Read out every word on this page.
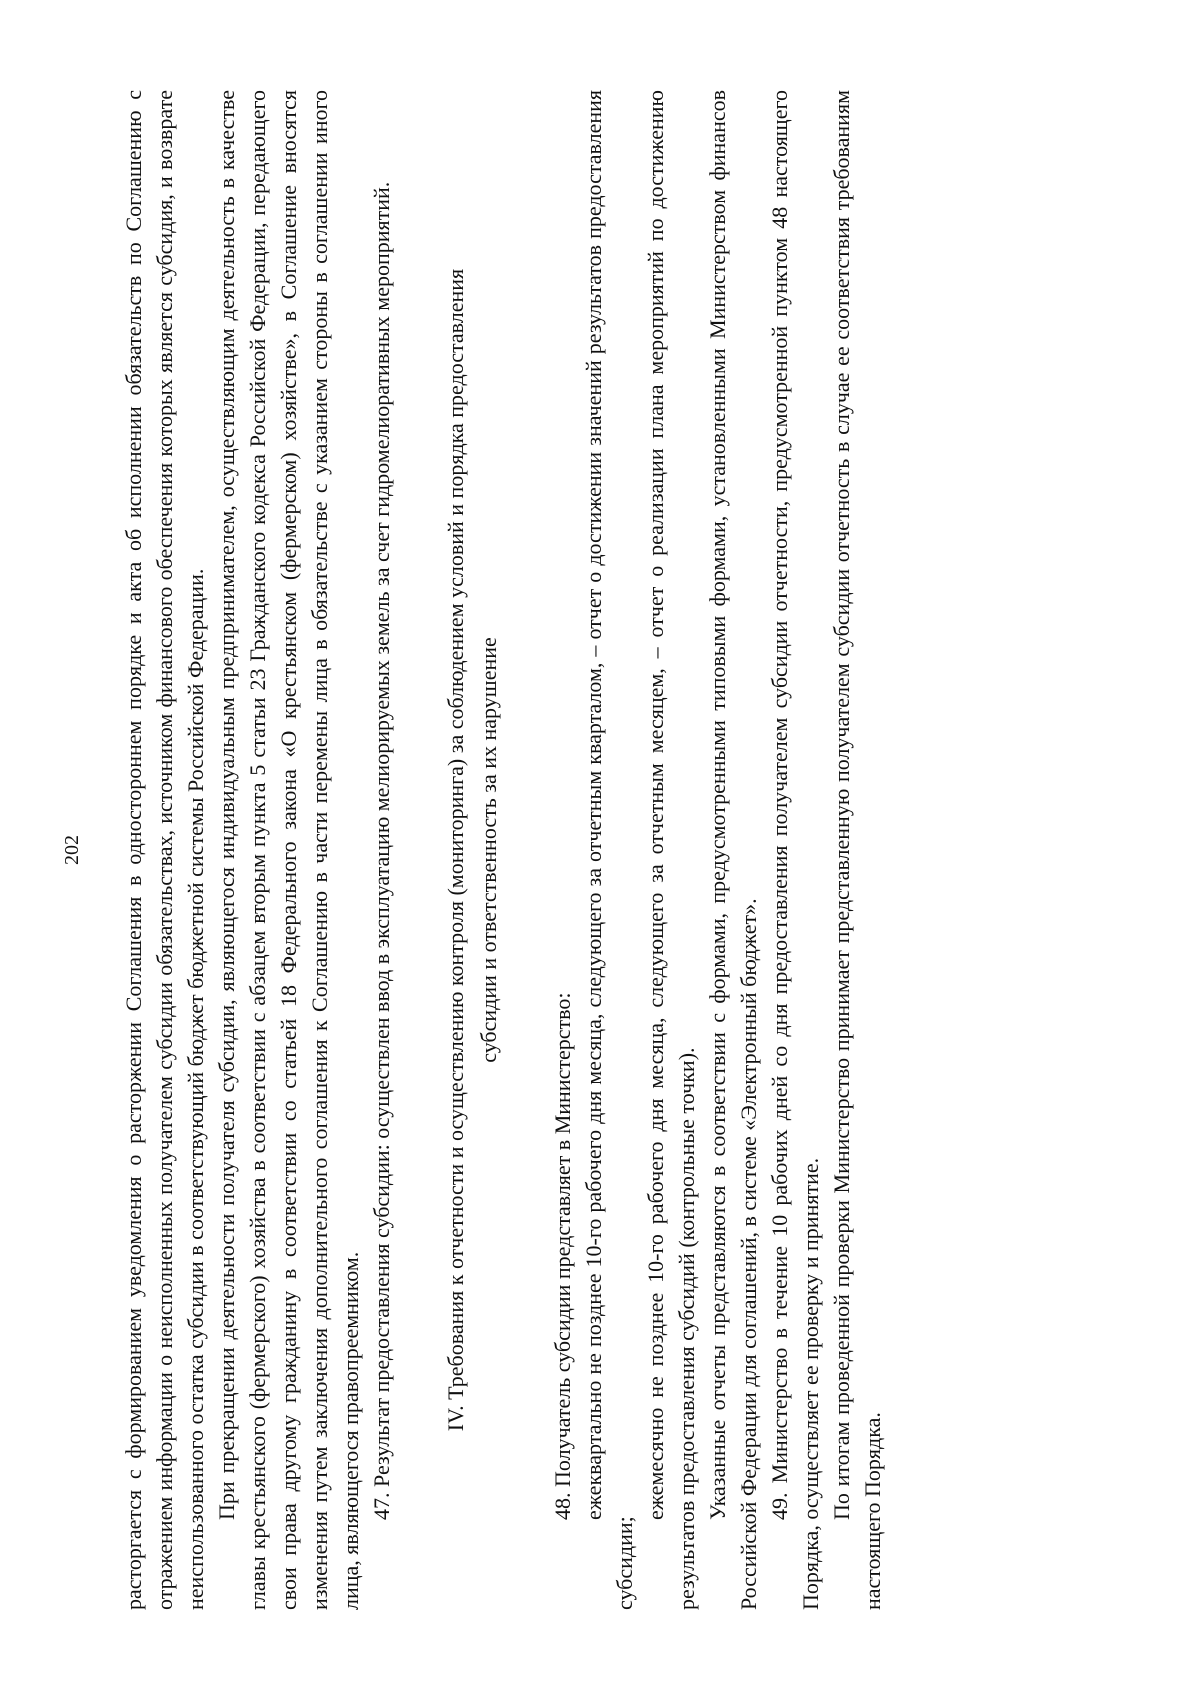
202 расторгается с формированием уведомления о расторжении Соглашения в одностороннем порядке и акта об исполнении обязательств по Соглашению с отражением информации о неисполненных получателем субсидии обязательствах, источником финансового обеспечения которых является субсидия, и возврате неиспользованного остатка субсидии в соответствующий бюджет бюджетной системы Российской Федерации. При прекращении деятельности получателя субсидии, являющегося индивидуальным предпринимателем, осуществляющим деятельность в качестве главы крестьянского (фермерского) хозяйства в соответствии с абзацем вторым пункта 5 статьи 23 Гражданского кодекса Российской Федерации, передающего свои права другому гражданину в соответствии со статьей 18 Федерального закона «О крестьянском (фермерском) хозяйстве», в Соглашение вносятся изменения путем заключения дополнительного соглашения к Соглашению в части перемены лица в обязательстве с указанием стороны в соглашении иного лица, являющегося правопреемником. 47. Результат предоставления субсидии: осуществлен ввод в эксплуатацию мелиорируемых земель за счет гидромелиоративных мероприятий. IV. Требования к отчетности и осуществлению контроля (мониторинга) за соблюдением условий и порядка предоставления субсидии и ответственность за их нарушение

48. Получатель субсидии представляет в Министерство: ежеквартально не позднее 10-го рабочего дня месяца, следующего за отчетным кварталом, – отчет о достижении значений результатов предоставления субсидии;

ежемесячно не позднее 10-го рабочего дня месяца, следующего за отчетным месяцем, – отчет о реализации плана мероприятий по достижению результатов предоставления субсидий (контрольные точки). Указанные отчеты представляются в соответствии с формами, предусмотренными типовыми формами, установленными Министерством финансов Российской Федерации для соглашений, в системе «Электронный бюджет». 49. Министерство в течение 10 рабочих дней со дня предоставления получателем субсидии отчетности, предусмотренной пунктом 48 настоящего Порядка, осуществляет ее проверку и принятие. По итогам проведенной проверки Министерство принимает представленную получателем субсидии отчетность в случае ее соответствия требованиям настоящего Порядка.
